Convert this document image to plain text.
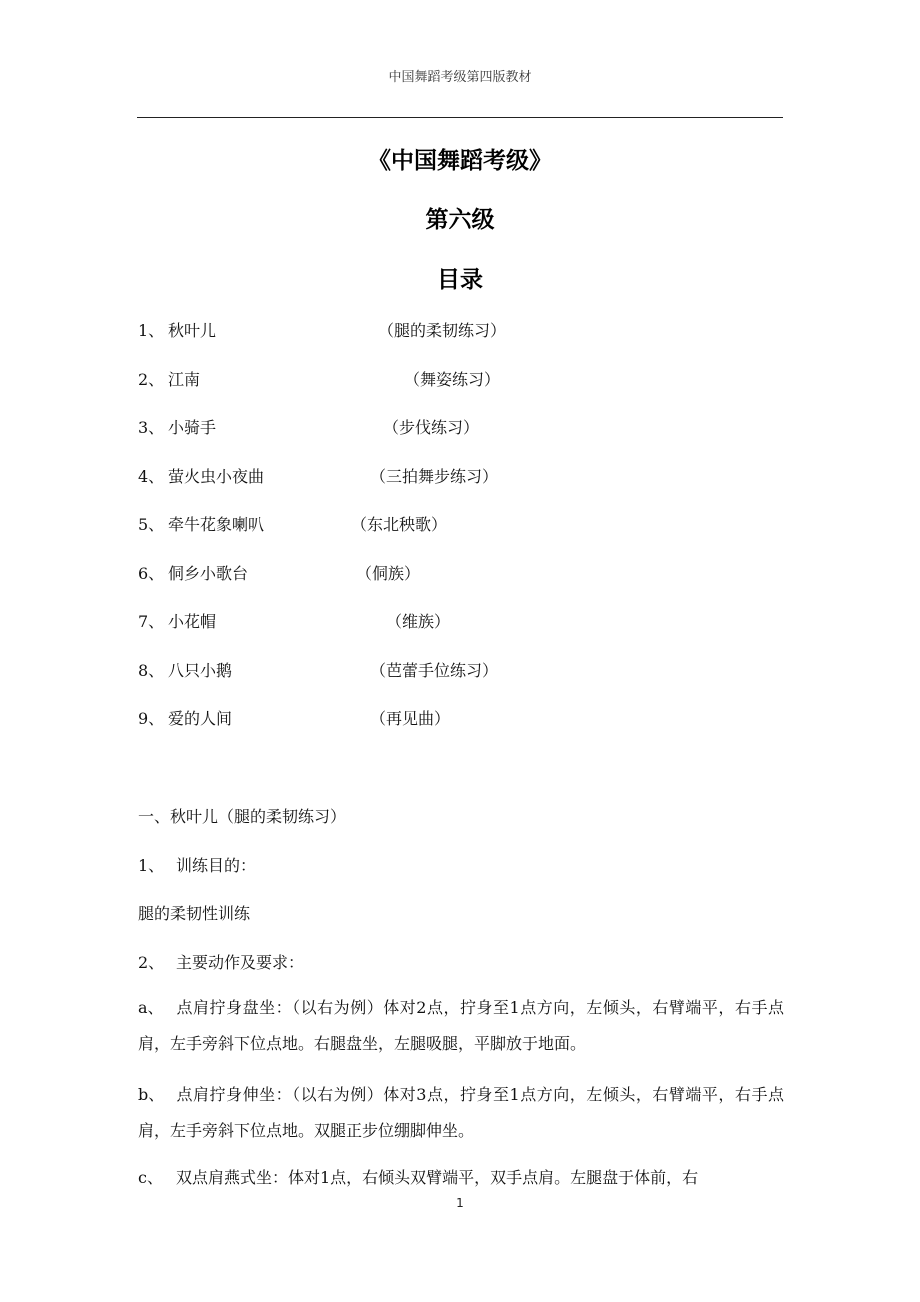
中国舞蹈考级第四版教材
《中国舞蹈考级》
第六级
目录
1、 秋叶儿	（腿的柔韧练习）
2、 江南	（舞姿练习）
3、 小骑手	（步伐练习）
4、 萤火虫小夜曲	（三拍舞步练习）
5、 牵牛花象喇叭	（东北秧歌）
6、 侗乡小歌台	（侗族）
7、 小花帽	（维族）
8、 八只小鹅	（芭蕾手位练习）
9、 爱的人间	（再见曲）
一、秋叶儿（腿的柔韧练习）
1、 训练目的：
腿的柔韧性训练
2、 主要动作及要求：
a、 点肩拧身盘坐：（以右为例）体对2点，拧身至1点方向，左倾头，右臂端平，右手点肩，左手旁斜下位点地。右腿盘坐，左腿吸腿，平脚放于地面。
b、 点肩拧身伸坐：（以右为例）体对3点，拧身至1点方向，左倾头，右臂端平，右手点肩，左手旁斜下位点地。双腿正步位绷脚伸坐。
c、 双点肩燕式坐：体对1点，右倾头双臂端平，双手点肩。左腿盘于体前，右
1
